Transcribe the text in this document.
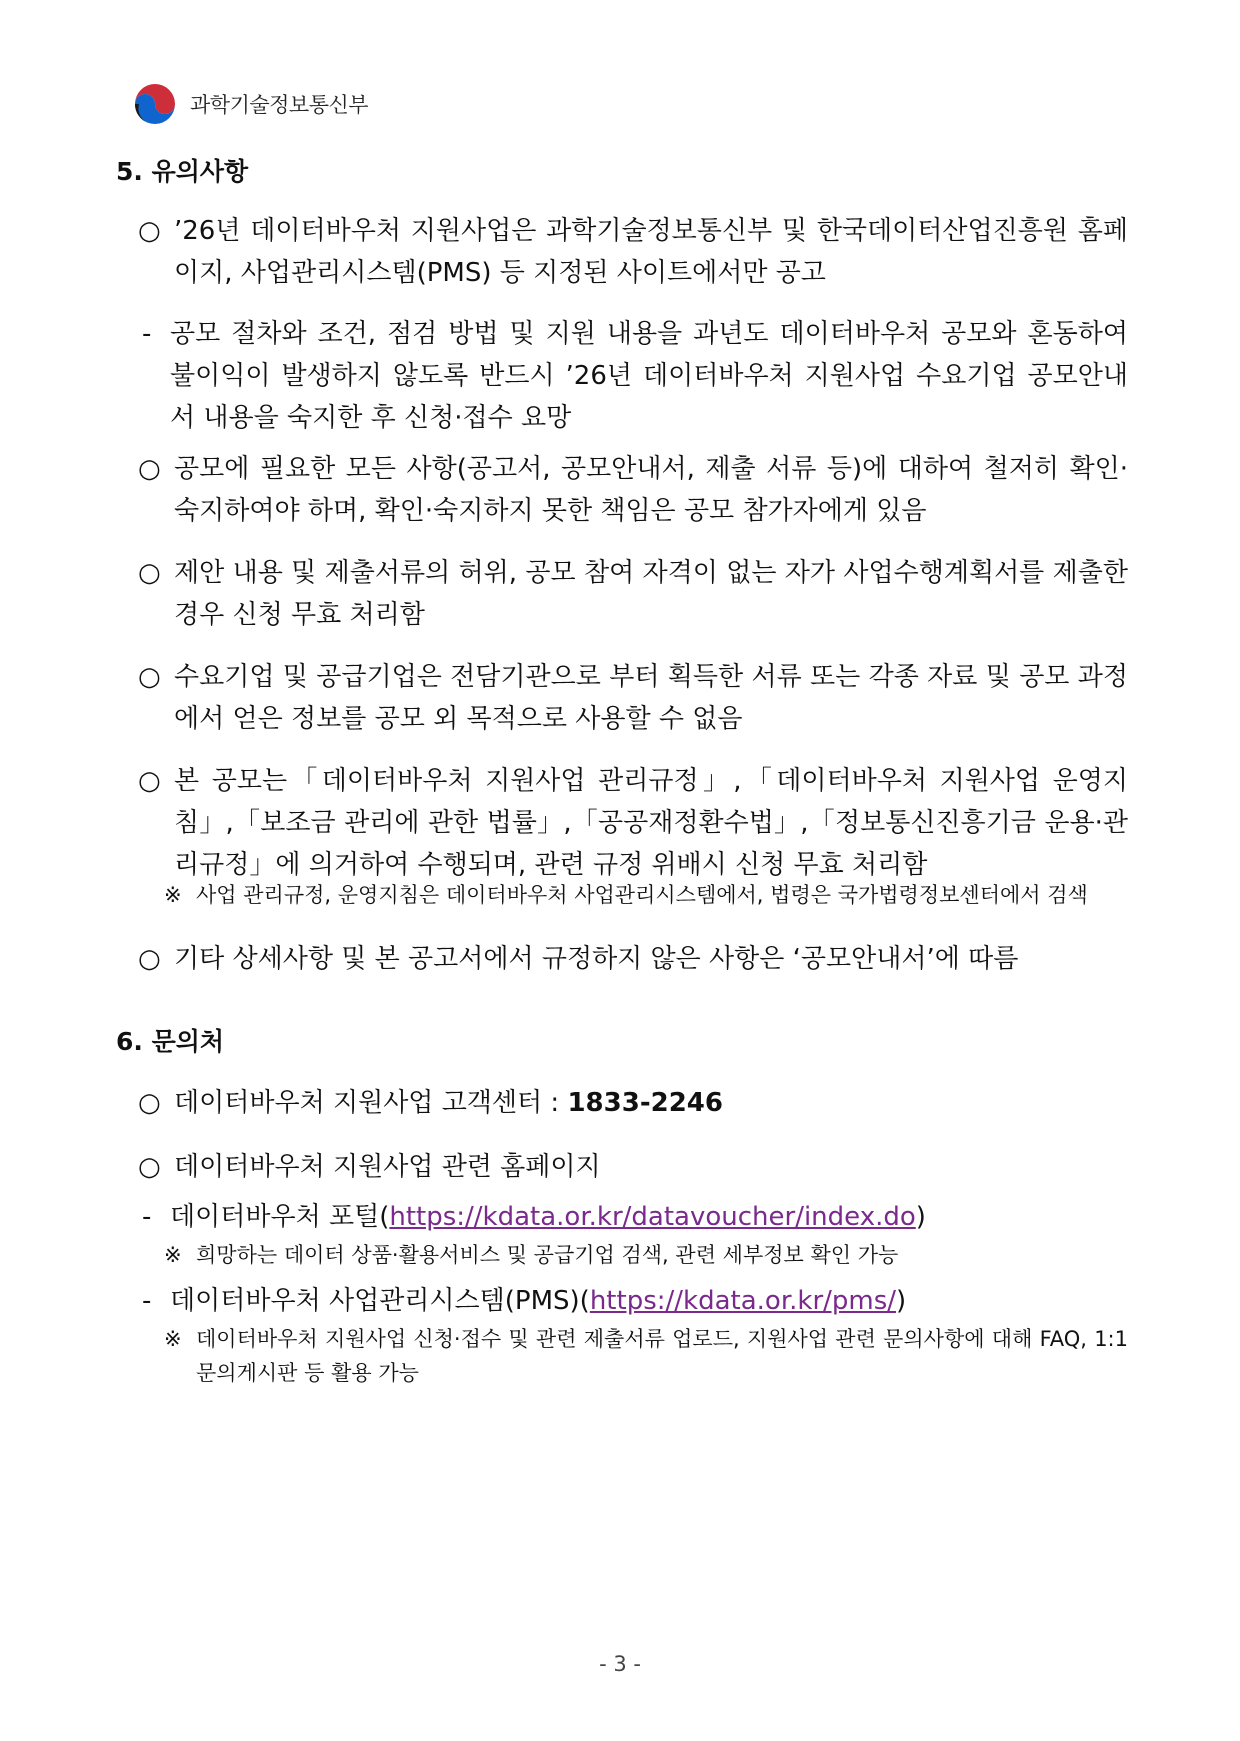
과학기술정보통신부
5. 유의사항
○ ’26년 데이터바우처 지원사업은 과학기술정보통신부 및 한국데이터산업진흥원 홈페이지, 사업관리시스템(PMS) 등 지정된 사이트에서만 공고
- 공모 절차와 조건, 점검 방법 및 지원 내용을 과년도 데이터바우처 공모와 혼동하여 불이익이 발생하지 않도록 반드시 ’26년 데이터바우처 지원사업 수요기업 공모안내서 내용을 숙지한 후 신청·접수 요망
○ 공모에 필요한 모든 사항(공고서, 공모안내서, 제출 서류 등)에 대하여 철저히 확인·숙지하여야 하며, 확인·숙지하지 못한 책임은 공모 참가자에게 있음
○ 제안 내용 및 제출서류의 허위, 공모 참여 자격이 없는 자가 사업수행계획서를 제출한 경우 신청 무효 처리함
○ 수요기업 및 공급기업은 전담기관으로 부터 획득한 서류 또는 각종 자료 및 공모 과정에서 얻은 정보를 공모 외 목적으로 사용할 수 없음
○ 본 공모는「데이터바우처 지원사업 관리규정」,「데이터바우처 지원사업 운영지침」,「보조금 관리에 관한 법률」,「공공재정환수법」,「정보통신진흥기금 운용·관리규정」에 의거하여 수행되며, 관련 규정 위배시 신청 무효 처리함
※ 사업 관리규정, 운영지침은 데이터바우처 사업관리시스템에서, 법령은 국가법령정보센터에서 검색
○ 기타 상세사항 및 본 공고서에서 규정하지 않은 사항은 ‘공모안내서’에 따름
6. 문의처
○ 데이터바우처 지원사업 고객센터 : 1833-2246
○ 데이터바우처 지원사업 관련 홈페이지
- 데이터바우처 포털(https://kdata.or.kr/datavoucher/index.do)
※ 희망하는 데이터 상품·활용서비스 및 공급기업 검색, 관련 세부정보 확인 가능
- 데이터바우처 사업관리시스템(PMS)(https://kdata.or.kr/pms/)
※ 데이터바우처 지원사업 신청·접수 및 관련 제출서류 업로드, 지원사업 관련 문의사항에 대해 FAQ, 1:1문의게시판 등 활용 가능
- 3 -
